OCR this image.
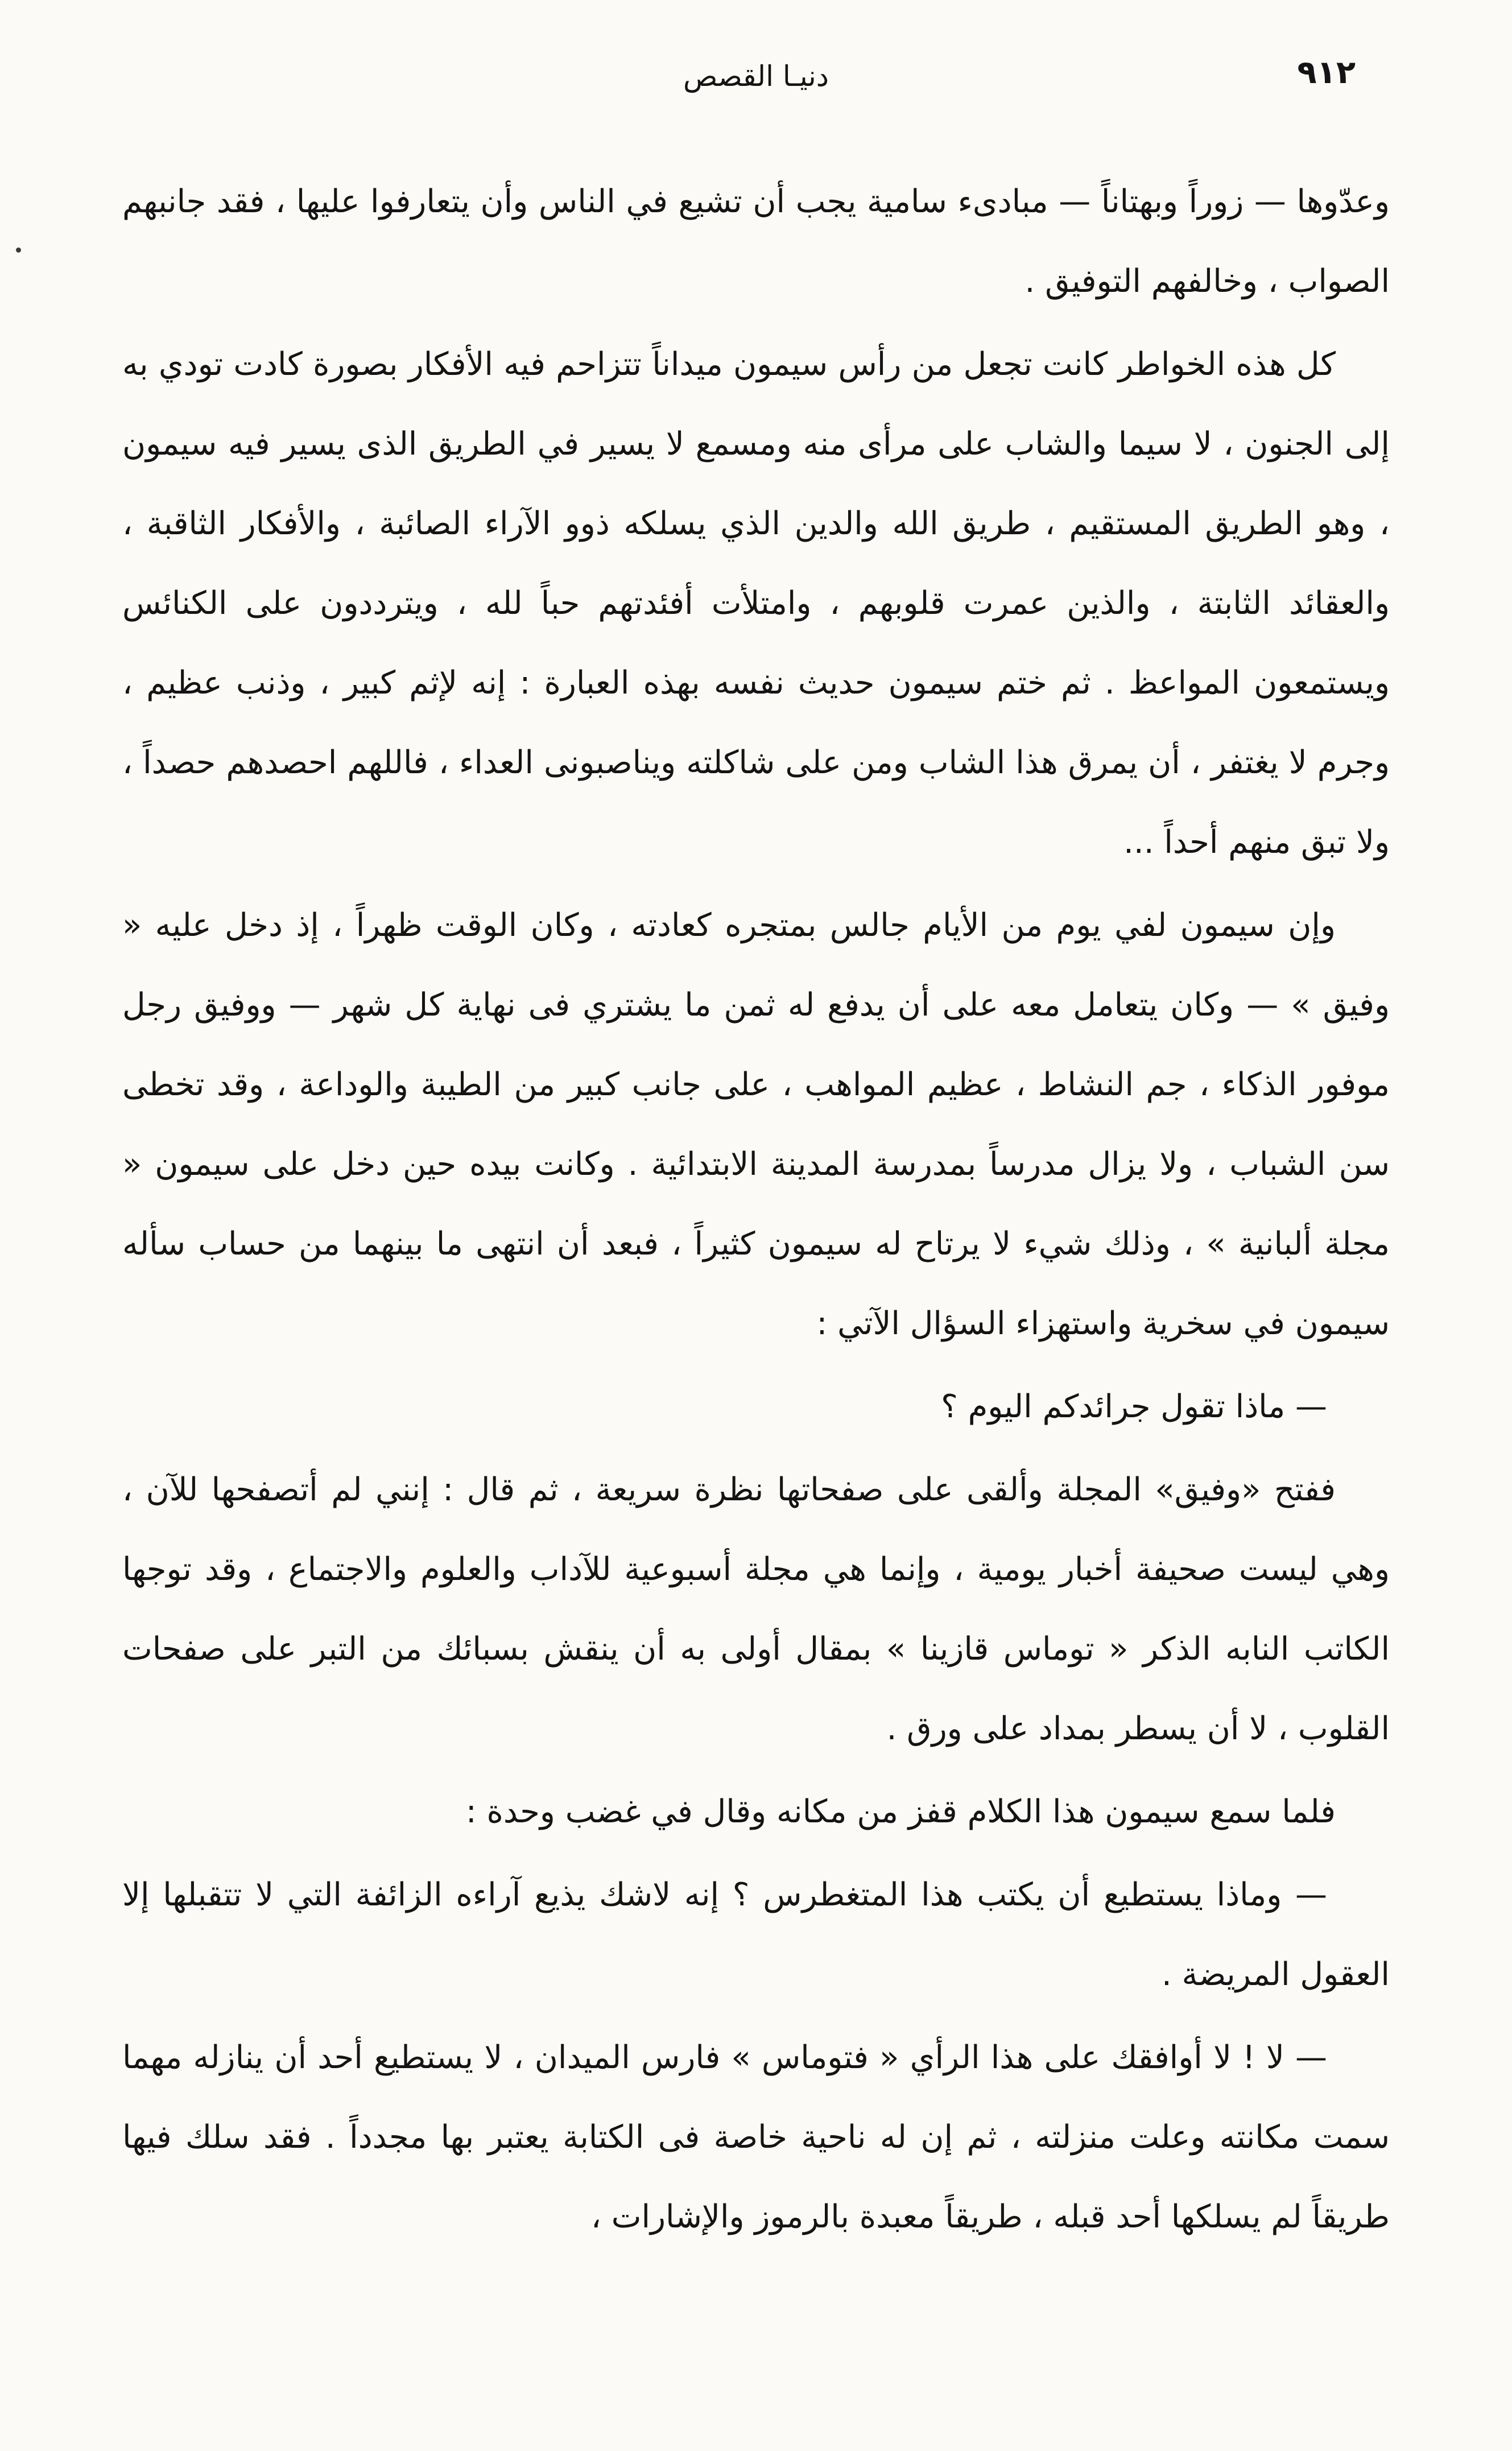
٩١٢
دنيـا القصص

وعدّوها — زوراً وبهتاناً — مبادىء سامية يجب أن تشيع في الناس وأن يتعارفوا عليها ، فقد جانبهم الصواب ، وخالفهم التوفيق .

كل هذه الخواطر كانت تجعل من رأس سيمون ميداناً تتزاحم فيه الأفكار بصورة كادت تودي به إلى الجنون ، لا سيما والشاب على مرأى منه ومسمع لا يسير في الطريق الذى يسير فيه سيمون ، وهو الطريق المستقيم ، طريق الله والدين الذي يسلكه ذوو الآراء الصائبة ، والأفكار الثاقبة ، والعقائد الثابتة ، والذين عمرت قلوبهم ، وامتلأت أفئدتهم حباً لله ، ويترددون على الكنائس ويستمعون المواعظ . ثم ختم سيمون حديث نفسه بهذه العبارة : إنه لإثم كبير ، وذنب عظيم ، وجرم لا يغتفر ، أن يمرق هذا الشاب ومن على شاكلته ويناصبونى العداء ، فاللهم احصدهم حصداً ، ولا تبق منهم أحداً ...

وإن سيمون لفي يوم من الأيام جالس بمتجره كعادته ، وكان الوقت ظهراً ، إذ دخل عليه « وفيق » — وكان يتعامل معه على أن يدفع له ثمن ما يشتري فى نهاية كل شهر — ووفيق رجل موفور الذكاء ، جم النشاط ، عظيم المواهب ، على جانب كبير من الطيبة والوداعة ، وقد تخطى سن الشباب ، ولا يزال مدرساً بمدرسة المدينة الابتدائية . وكانت بيده حين دخل على سيمون « مجلة ألبانية » ، وذلك شيء لا يرتاح له سيمون كثيراً ، فبعد أن انتهى ما بينهما من حساب سأله سيمون في سخرية واستهزاء السؤال الآتي :

— ماذا تقول جرائدكم اليوم ؟

ففتح «وفيق» المجلة وألقى على صفحاتها نظرة سريعة ، ثم قال : إنني لم أتصفحها للآن ، وهي ليست صحيفة أخبار يومية ، وإنما هي مجلة أسبوعية للآداب والعلوم والاجتماع ، وقد توجها الكاتب النابه الذكر « توماس قازينا » بمقال أولى به أن ينقش بسبائك من التبر على صفحات القلوب ، لا أن يسطر بمداد على ورق .

فلما سمع سيمون هذا الكلام قفز من مكانه وقال في غضب وحدة :

— وماذا يستطيع أن يكتب هذا المتغطرس ؟ إنه لاشك يذيع آراءه الزائفة التي لا تتقبلها إلا العقول المريضة .

— لا ! لا أوافقك على هذا الرأي « فتوماس » فارس الميدان ، لا يستطيع أحد أن ينازله مهما سمت مكانته وعلت منزلته ، ثم إن له ناحية خاصة فى الكتابة يعتبر بها مجدداً . فقد سلك فيها طريقاً لم يسلكها أحد قبله ، طريقاً معبدة بالرموز والإشارات ،
